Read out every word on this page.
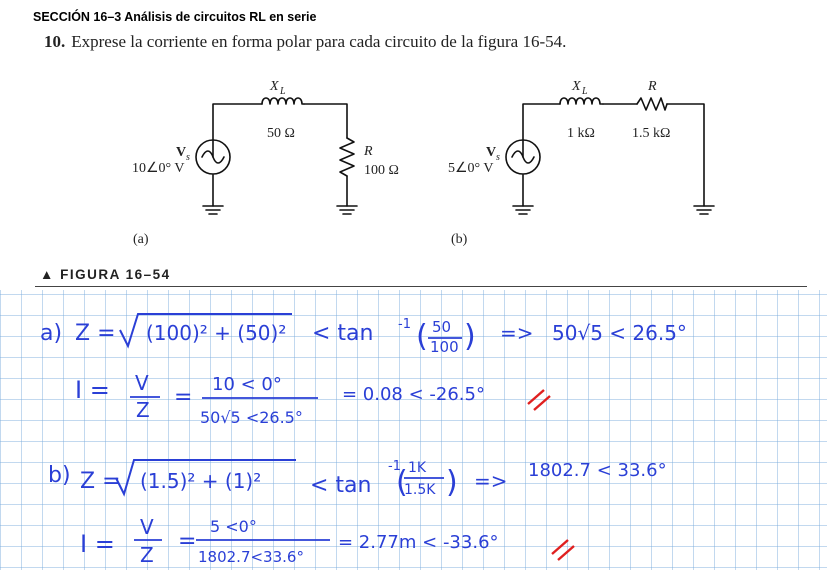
SECCIÓN 16–3 Análisis de circuitos RL en serie
10. Exprese la corriente en forma polar para cada circuito de la figura 16-54.
▲ FIGURA 16–54
X L
50 Ω
V s
10∠0° V
R
100 Ω
(a)
X L
1 kΩ
R
1.5 kΩ
V s
5∠0° V
(b)
a) Z = (100)² + (50)² < tan -1 ( 50
100 ) => 50√5 < 26.5°
I = V
Z =
10 < 0°
50√5 <26.5°
= 0.08 < -26.5°
b) Z = (1.5)² + (1)² < tan
-1
( 1K
1.5K ) => 1802.7 < 33.6°
I =
V
Z
=
5 <0°
1802.7<33.6°
= 2.77m < -33.6°
